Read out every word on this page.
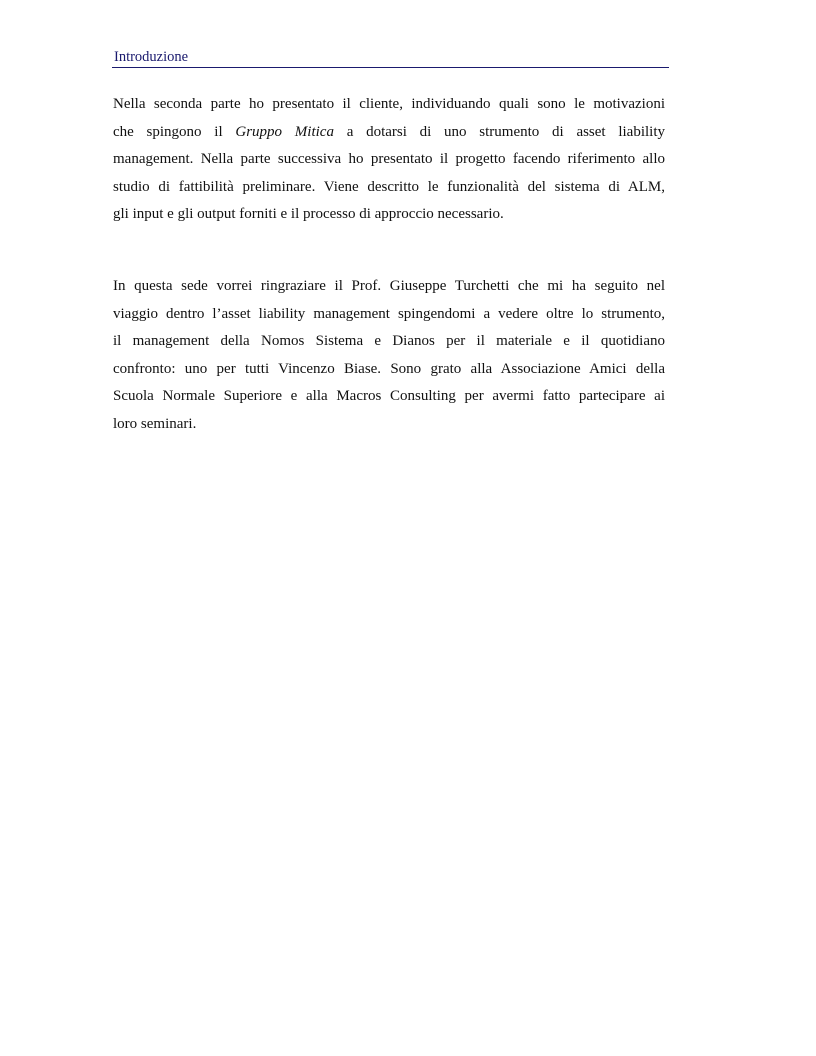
Introduzione
Nella seconda parte ho presentato il cliente, individuando quali sono le motivazioni
che spingono il Gruppo Mitica a dotarsi di uno strumento di asset liability
management. Nella parte successiva ho presentato il progetto facendo riferimento allo
studio di fattibilità preliminare. Viene descritto le funzionalità del sistema di ALM,
gli input e gli output forniti e il processo di approccio necessario.
In questa sede vorrei ringraziare il Prof. Giuseppe Turchetti che mi ha seguito nel
viaggio dentro l’asset liability management spingendomi a vedere oltre lo strumento,
il management della Nomos Sistema e Dianos per il materiale e il quotidiano
confronto: uno per tutti Vincenzo Biase. Sono grato alla Associazione Amici della
Scuola Normale Superiore e alla Macros Consulting per avermi fatto partecipare ai
loro seminari.
